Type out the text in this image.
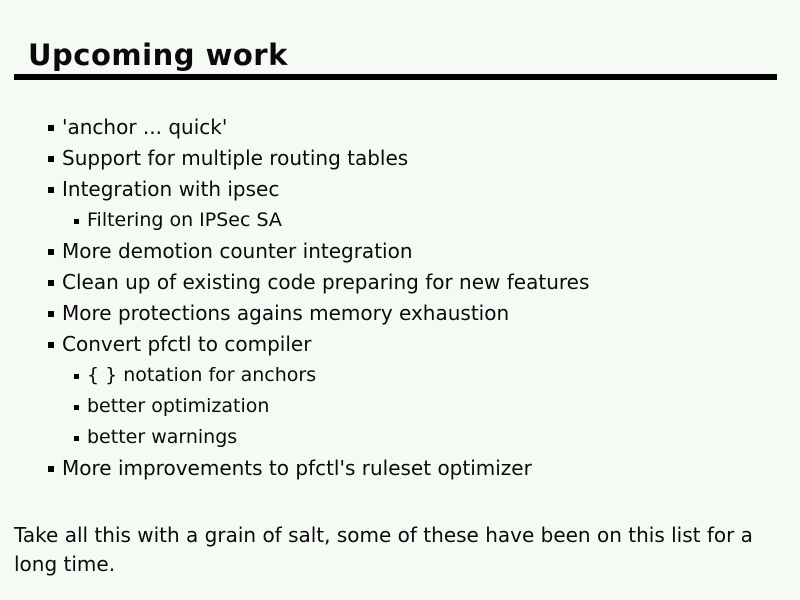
Upcoming work
'anchor ... quick'
Support for multiple routing tables
Integration with ipsec
Filtering on IPSec SA
More demotion counter integration
Clean up of existing code preparing for new features
More protections agains memory exhaustion
Convert pfctl to compiler
{ } notation for anchors
better optimization
better warnings
More improvements to pfctl's ruleset optimizer

Take all this with a grain of salt, some of these have been on this list for a long time.
